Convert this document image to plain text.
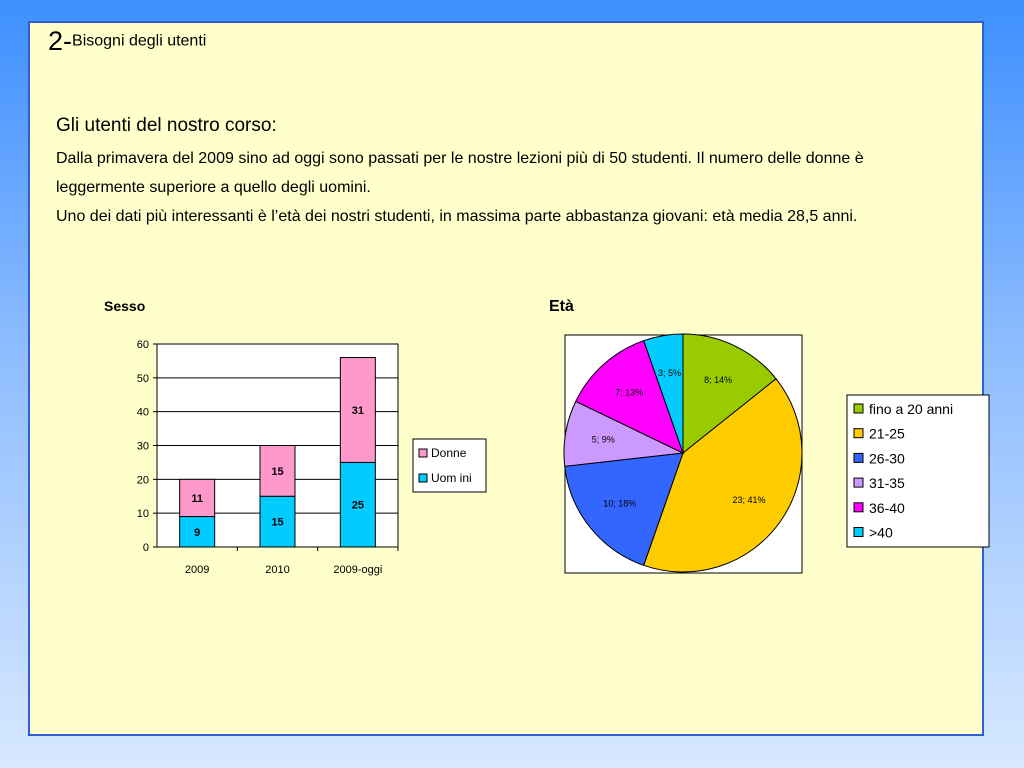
2-Bisogni degli utenti
Gli utenti del nostro corso:

Dalla primavera del 2009 sino ad oggi sono passati per le nostre lezioni più di 50 studenti. Il numero delle donne è leggermente superiore a quello degli uomini.

Uno dei dati più interessanti è l’età dei nostri studenti, in massima parte abbastanza giovani: età media 28,5 anni.

Sesso	Età
0
10
20
30
40
50
60
9
11
2009
15
15
2010
25
31
2009-oggi
Donne
Uom ini
8; 14%
23; 41%
10; 18%
5; 9%
7; 13%
3; 5%
fino a 20 anni
21-25
26-30
31-35
36-40
>40
